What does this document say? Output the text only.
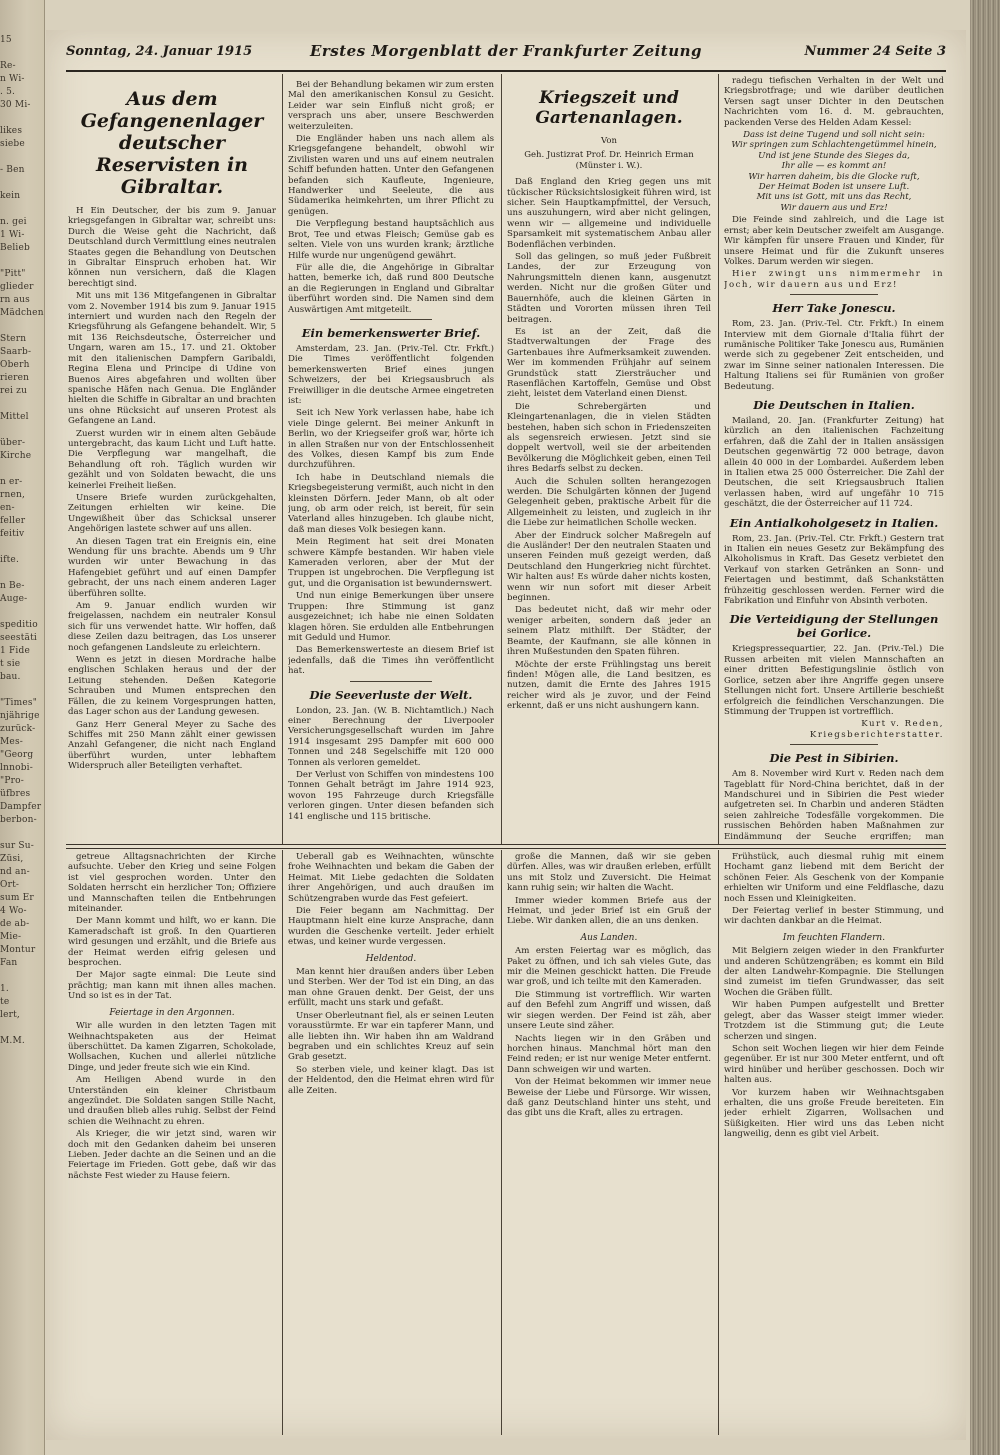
15

Re-
n Wi-
. 5.
30 Mi-

likes
siebe

- Ben

kein

n. gei
1 Wi-
Belieb

"Pitt"
glieder
rn aus
Mädchen

Stern
Saarb-
Oberh
rieren
rei zu

Mittel

über-
Kirche

n er-
rnen,
en-
feller
feitiv

ifte.

n Be-
Auge-

speditio
seestäti
1 Fide
t sie
bau.

"Times"
njährige
zurück-
Mes-
"Georg
lnnobi-
"Pro-
üfbres
Dampfer
berbon-

sur Su-
Züsi,
nd an-
Ort-
sum Er
4 Wo-
de ab-
Mie-
Montur
Fan

1.
te
lert,

M.M.
Sonntag, 24. Januar 1915	Erstes Morgenblatt der Frankfurter Zeitung	Nummer 24 Seite 3
Aus dem Gefangenenlager deutscher Reservisten in Gibraltar.

H Ein Deutscher, der bis zum 9. Januar kriegsgefangen in Gibraltar war, schreibt uns: Durch die Weise geht die Nachricht, daß Deutschland durch Vermittlung eines neutralen Staates gegen die Behandlung von Deutschen in Gibraltar Einspruch erhoben hat. Wir können nun versichern, daß die Klagen berechtigt sind.

Mit uns mit 136 Mitgefangenen in Gibraltar vom 2. November 1914 bis zum 9. Januar 1915 interniert und wurden nach den Regeln der Kriegsführung als Gefangene behandelt. Wir, 5 mit 136 Reichsdeutsche, Österreicher und Ungarn, waren am 15., 17. und 21. Oktober mit den italienischen Dampfern Garibaldi, Regina Elena und Principe di Udine von Buenos Aires abgefahren und wollten über spanische Häfen nach Genua. Die Engländer hielten die Schiffe in Gibraltar an und brachten uns ohne Rücksicht auf unseren Protest als Gefangene an Land.

Zuerst wurden wir in einem alten Gebäude untergebracht, das kaum Licht und Luft hatte. Die Verpflegung war mangelhaft, die Behandlung oft roh. Täglich wurden wir gezählt und von Soldaten bewacht, die uns keinerlei Freiheit ließen.

Unsere Briefe wurden zurückgehalten, Zeitungen erhielten wir keine. Die Ungewißheit über das Schicksal unserer Angehörigen lastete schwer auf uns allen.

An diesen Tagen trat ein Ereignis ein, eine Wendung für uns brachte. Abends um 9 Uhr wurden wir unter Bewachung in das Hafengebiet geführt und auf einen Dampfer gebracht, der uns nach einem anderen Lager überführen sollte.

Am 9. Januar endlich wurden wir freigelassen, nachdem ein neutraler Konsul sich für uns verwendet hatte. Wir hoffen, daß diese Zeilen dazu beitragen, das Los unserer noch gefangenen Landsleute zu erleichtern.

Wenn es jetzt in diesen Mordrache halbe englischen Schlaken heraus und der der Leitung stehenden. Deßen Kategorie Schrauben und Mumen entsprechen den Fällen, die zu keinem Vorgesprungen hatten, das Lager schon aus der Landung gewesen.

Ganz Herr General Meyer zu Sache des Schiffes mit 250 Mann zählt einer gewissen Anzahl Gefangener, die nicht nach England überführt wurden, unter lebhaftem Widerspruch aller Beteiligten verhaftet.

Bei der Behandlung bekamen wir zum ersten Mal den amerikanischen Konsul zu Gesicht. Leider war sein Einfluß nicht groß; er versprach uns aber, unsere Beschwerden weiterzuleiten.

Die Engländer haben uns nach allem als Kriegsgefangene behandelt, obwohl wir Zivilisten waren und uns auf einem neutralen Schiff befunden hatten. Unter den Gefangenen befanden sich Kaufleute, Ingenieure, Handwerker und Seeleute, die aus Südamerika heimkehrten, um ihrer Pflicht zu genügen.

Die Verpflegung bestand hauptsächlich aus Brot, Tee und etwas Fleisch; Gemüse gab es selten. Viele von uns wurden krank; ärztliche Hilfe wurde nur ungenügend gewährt.

Für alle die, die Angehörige in Gibraltar hatten, bemerke ich, daß rund 800 Deutsche an die Regierungen in England und Gibraltar überführt worden sind. Die Namen sind dem Auswärtigen Amt mitgeteilt.

Ein bemerkenswerter Brief.

Amsterdam, 23. Jan. (Priv.-Tel. Ctr. Frkft.) Die Times veröffentlicht folgenden bemerkenswerten Brief eines jungen Schweizers, der bei Kriegsausbruch als Freiwilliger in die deutsche Armee eingetreten ist:

Seit ich New York verlassen habe, habe ich viele Dinge gelernt. Bei meiner Ankunft in Berlin, wo der Kriegseifer groß war, hörte ich in allen Straßen nur von der Entschlossenheit des Volkes, diesen Kampf bis zum Ende durchzuführen.

Ich habe in Deutschland niemals die Kriegsbegeisterung vermißt, auch nicht in den kleinsten Dörfern. Jeder Mann, ob alt oder jung, ob arm oder reich, ist bereit, für sein Vaterland alles hinzugeben. Ich glaube nicht, daß man dieses Volk besiegen kann.

Mein Regiment hat seit drei Monaten schwere Kämpfe bestanden. Wir haben viele Kameraden verloren, aber der Mut der Truppen ist ungebrochen. Die Verpflegung ist gut, und die Organisation ist bewundernswert.

Und nun einige Bemerkungen über unsere Truppen: Ihre Stimmung ist ganz ausgezeichnet; ich habe nie einen Soldaten klagen hören. Sie erdulden alle Entbehrungen mit Geduld und Humor.

Das Bemerkenswerteste an diesem Brief ist jedenfalls, daß die Times ihn veröffentlicht hat.

Die Seeverluste der Welt.

London, 23. Jan. (W. B. Nichtamtlich.) Nach einer Berechnung der Liverpooler Versicherungsgesellschaft wurden im Jahre 1914 insgesamt 295 Dampfer mit 600 000 Tonnen und 248 Segelschiffe mit 120 000 Tonnen als verloren gemeldet.

Der Verlust von Schiffen von mindestens 100 Tonnen Gehalt beträgt im Jahre 1914 923, wovon 195 Fahrzeuge durch Kriegsfälle verloren gingen. Unter diesen befanden sich 141 englische und 115 britische.

Kriegszeit und Gartenanlagen.
Von
Geh. Justizrat Prof. Dr. Heinrich Erman (Münster i. W.).

Daß England den Krieg gegen uns mit tückischer Rücksichtslosigkeit führen wird, ist sicher. Sein Hauptkampfmittel, der Versuch, uns auszuhungern, wird aber nicht gelingen, wenn wir — allgemeine und individuelle Sparsamkeit mit systematischem Anbau aller Bodenflächen verbinden.

Soll das gelingen, so muß jeder Fußbreit Landes, der zur Erzeugung von Nahrungsmitteln dienen kann, ausgenutzt werden. Nicht nur die großen Güter und Bauernhöfe, auch die kleinen Gärten in Städten und Vororten müssen ihren Teil beitragen.

Es ist an der Zeit, daß die Stadtverwaltungen der Frage des Gartenbaues ihre Aufmerksamkeit zuwenden. Wer im kommenden Frühjahr auf seinem Grundstück statt Ziersträucher und Rasenflächen Kartoffeln, Gemüse und Obst zieht, leistet dem Vaterland einen Dienst.

Die Schrebergärten und Kleingartenanlagen, die in vielen Städten bestehen, haben sich schon in Friedenszeiten als segensreich erwiesen. Jetzt sind sie doppelt wertvoll, weil sie der arbeitenden Bevölkerung die Möglichkeit geben, einen Teil ihres Bedarfs selbst zu decken.

Auch die Schulen sollten herangezogen werden. Die Schulgärten können der Jugend Gelegenheit geben, praktische Arbeit für die Allgemeinheit zu leisten, und zugleich in ihr die Liebe zur heimatlichen Scholle wecken.

Aber der Eindruck solcher Maßregeln auf die Ausländer! Der den neutralen Staaten und unseren Feinden muß gezeigt werden, daß Deutschland den Hungerkrieg nicht fürchtet. Wir halten aus! Es würde daher nichts kosten, wenn wir nun sofort mit dieser Arbeit beginnen.

Das bedeutet nicht, daß wir mehr oder weniger arbeiten, sondern daß jeder an seinem Platz mithilft. Der Städter, der Beamte, der Kaufmann, sie alle können in ihren Mußestunden den Spaten führen.

Möchte der erste Frühlingstag uns bereit finden! Mögen alle, die Land besitzen, es nutzen, damit die Ernte des Jahres 1915 reicher wird als je zuvor, und der Feind erkennt, daß er uns nicht aushungern kann.

radegu tiefischen Verhalten in der Welt und Kriegsbrotfrage; und wie darüber deutlichen Versen sagt unser Dichter in den Deutschen Nachrichten vom 16. d. M. gebrauchten, packenden Verse des Helden Adam Kessel:

Dass ist deine Tugend und soll nicht sein:
Wir springen zum Schlachtengetümmel hinein,
Und ist jene Stunde des Sieges da,
Ihr alle — es kommt an!
Wir harren daheim, bis die Glocke ruft,
Der Heimat Boden ist unsere Luft.
Mit uns ist Gott, mit uns das Recht,
Wir dauern aus und Erz!

Die Feinde sind zahlreich, und die Lage ist ernst; aber kein Deutscher zweifelt am Ausgange. Wir kämpfen für unsere Frauen und Kinder, für unsere Heimat und für die Zukunft unseres Volkes. Darum werden wir siegen.

Hier zwingt uns nimmermehr in Joch, wir dauern aus und Erz!

Herr Take Jonescu.

Rom, 23. Jan. (Priv.-Tel. Ctr. Frkft.) In einem Interview mit dem Giornale d'Italia führt der rumänische Politiker Take Jonescu aus, Rumänien werde sich zu gegebener Zeit entscheiden, und zwar im Sinne seiner nationalen Interessen. Die Haltung Italiens sei für Rumänien von großer Bedeutung.

Die Deutschen in Italien.

Mailand, 20. Jan. (Frankfurter Zeitung) hat kürzlich an den italienischen Fachzeitung erfahren, daß die Zahl der in Italien ansässigen Deutschen gegenwärtig 72 000 betrage, davon allein 40 000 in der Lombardei. Außerdem leben in Italien etwa 25 000 Österreicher. Die Zahl der Deutschen, die seit Kriegsausbruch Italien verlassen haben, wird auf ungefähr 10 715 geschätzt, die der Österreicher auf 11 724.

Ein Antialkoholgesetz in Italien.

Rom, 23. Jan. (Priv.-Tel. Ctr. Frkft.) Gestern trat in Italien ein neues Gesetz zur Bekämpfung des Alkoholismus in Kraft. Das Gesetz verbietet den Verkauf von starken Getränken an Sonn- und Feiertagen und bestimmt, daß Schankstätten frühzeitig geschlossen werden. Ferner wird die Fabrikation und Einfuhr von Absinth verboten.

Die Verteidigung der Stellungen bei Gorlice.

Kriegspressequartier, 22. Jan. (Priv.-Tel.) Die Russen arbeiten mit vielen Mannschaften an einer dritten Befestigungslinie östlich von Gorlice, setzen aber ihre Angriffe gegen unsere Stellungen nicht fort. Unsere Artillerie beschießt erfolgreich die feindlichen Verschanzungen. Die Stimmung der Truppen ist vortrefflich.

Kurt v. Reden, Kriegsberichterstatter.

Die Pest in Sibirien.

Am 8. November wird Kurt v. Reden nach dem Tageblatt für Nord-China berichtet, daß in der Mandschurei und in Sibirien die Pest wieder aufgetreten sei. In Charbin und anderen Städten seien zahlreiche Todesfälle vorgekommen. Die russischen Behörden haben Maßnahmen zur Eindämmung der Seuche ergriffen; man

getreue Alltagsnachrichten der Kirche aufsuchte. Ueber den Krieg und seine Folgen ist viel gesprochen worden. Unter den Soldaten herrscht ein herzlicher Ton; Offiziere und Mannschaften teilen die Entbehrungen miteinander.

Der Mann kommt und hilft, wo er kann. Die Kameradschaft ist groß. In den Quartieren wird gesungen und erzählt, und die Briefe aus der Heimat werden eifrig gelesen und besprochen.

Der Major sagte einmal: Die Leute sind prächtig; man kann mit ihnen alles machen. Und so ist es in der Tat.

Feiertage in den Argonnen.

Wir alle wurden in den letzten Tagen mit Weihnachtspaketen aus der Heimat überschüttet. Da kamen Zigarren, Schokolade, Wollsachen, Kuchen und allerlei nützliche Dinge, und jeder freute sich wie ein Kind.

Am Heiligen Abend wurde in den Unterständen ein kleiner Christbaum angezündet. Die Soldaten sangen Stille Nacht, und draußen blieb alles ruhig. Selbst der Feind schien die Weihnacht zu ehren.

Als Krieger, die wir jetzt sind, waren wir doch mit den Gedanken daheim bei unseren Lieben. Jeder dachte an die Seinen und an die Feiertage im Frieden. Gott gebe, daß wir das nächste Fest wieder zu Hause feiern.

Ueberall gab es Weihnachten, wünschte frohe Weihnachten und bekam die Gaben der Heimat. Mit Liebe gedachten die Soldaten ihrer Angehörigen, und auch draußen im Schützengraben wurde das Fest gefeiert.

Die Feier begann am Nachmittag. Der Hauptmann hielt eine kurze Ansprache, dann wurden die Geschenke verteilt. Jeder erhielt etwas, und keiner wurde vergessen.

Heldentod.

Man kennt hier draußen anders über Leben und Sterben. Wer der Tod ist ein Ding, an das man ohne Grauen denkt. Der Geist, der uns erfüllt, macht uns stark und gefaßt.

Unser Oberleutnant fiel, als er seinen Leuten vorausstürmte. Er war ein tapferer Mann, und alle liebten ihn. Wir haben ihn am Waldrand begraben und ein schlichtes Kreuz auf sein Grab gesetzt.

So sterben viele, und keiner klagt. Das ist der Heldentod, den die Heimat ehren wird für alle Zeiten.

große die Mannen, daß wir sie geben dürfen. Alles, was wir draußen erleben, erfüllt uns mit Stolz und Zuversicht. Die Heimat kann ruhig sein; wir halten die Wacht.

Immer wieder kommen Briefe aus der Heimat, und jeder Brief ist ein Gruß der Liebe. Wir danken allen, die an uns denken.

Aus Landen.

Am ersten Feiertag war es möglich, das Paket zu öffnen, und ich sah vieles Gute, das mir die Meinen geschickt hatten. Die Freude war groß, und ich teilte mit den Kameraden.

Die Stimmung ist vortrefflich. Wir warten auf den Befehl zum Angriff und wissen, daß wir siegen werden. Der Feind ist zäh, aber unsere Leute sind zäher.

Nachts liegen wir in den Gräben und horchen hinaus. Manchmal hört man den Feind reden; er ist nur wenige Meter entfernt. Dann schweigen wir und warten.

Von der Heimat bekommen wir immer neue Beweise der Liebe und Fürsorge. Wir wissen, daß ganz Deutschland hinter uns steht, und das gibt uns die Kraft, alles zu ertragen.

Frühstück, auch diesmal ruhig mit einem Hochamt ganz liebend mit dem Bericht der schönen Feier. Als Geschenk von der Kompanie erhielten wir Uniform und eine Feldflasche, dazu noch Essen und Kleinigkeiten.

Der Feiertag verlief in bester Stimmung, und wir dachten dankbar an die Heimat.

Im feuchten Flandern.

Mit Belgiern zeigen wieder in den Frankfurter und anderen Schützengräben; es kommt ein Bild der alten Landwehr-Kompagnie. Die Stellungen sind zumeist im tiefen Grundwasser, das seit Wochen die Gräben füllt.

Wir haben Pumpen aufgestellt und Bretter gelegt, aber das Wasser steigt immer wieder. Trotzdem ist die Stimmung gut; die Leute scherzen und singen.

Schon seit Wochen liegen wir hier dem Feinde gegenüber. Er ist nur 300 Meter entfernt, und oft wird hinüber und herüber geschossen. Doch wir halten aus.

Vor kurzem haben wir Weihnachtsgaben erhalten, die uns große Freude bereiteten. Ein jeder erhielt Zigarren, Wollsachen und Süßigkeiten. Hier wird uns das Leben nicht langweilig, denn es gibt viel Arbeit.
